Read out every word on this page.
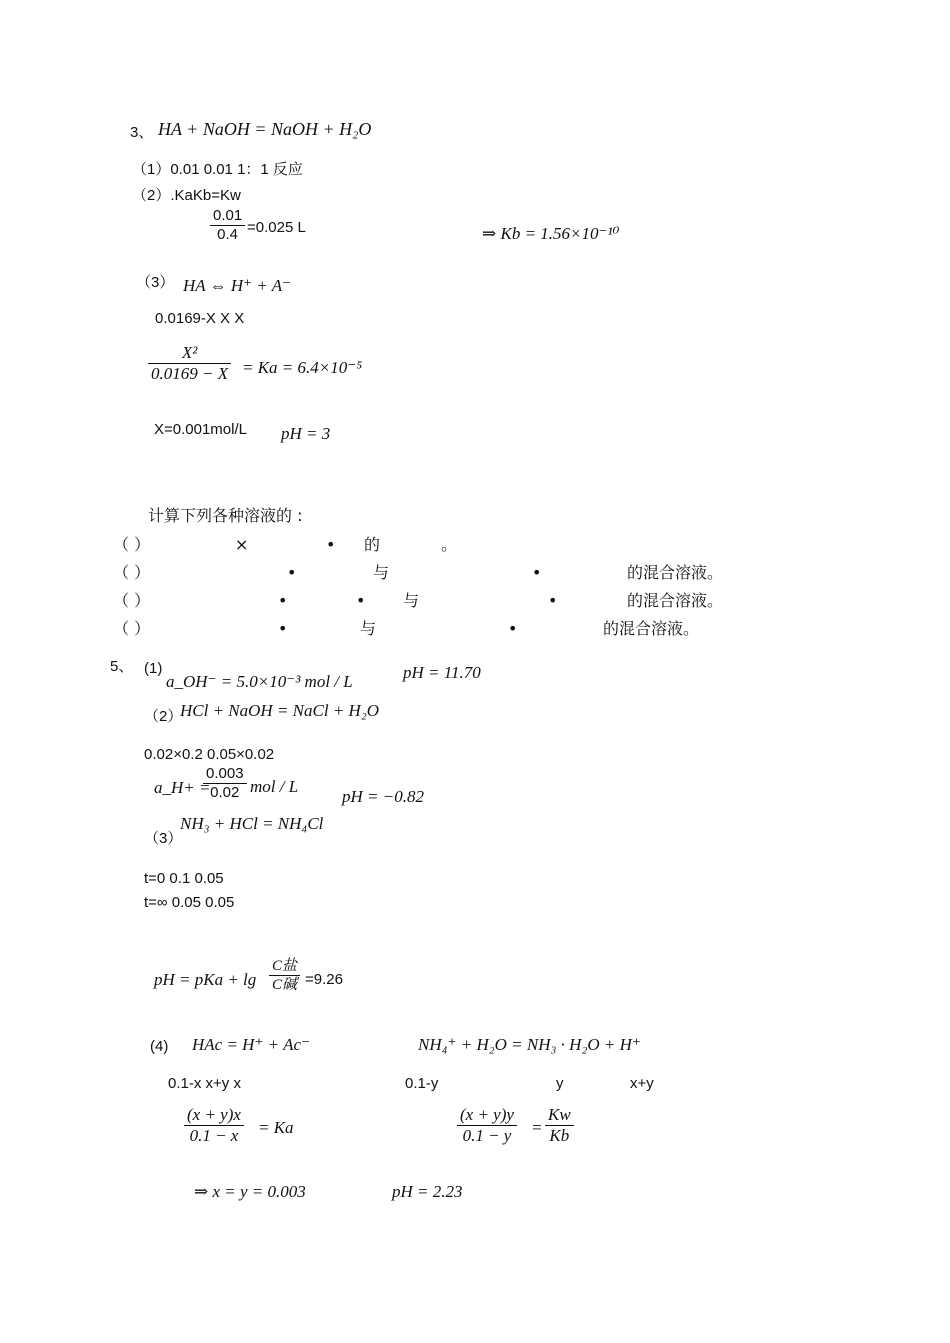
3、 HA + NaOH = NaOH + H₂O
（1）0.01 0.01 1：1 反应
（2）.KaKb=Kw
$\frac{0.01}{0.4} =0.025$ L	⇒ Kb = 1.56×10⁻¹⁰
（3） HA ⇔ H⁺ + A⁻
0.0169-X X X
$\frac{\text{X²}}{0.0169 - X} = Ka = 6.4\times 10^{-5}$
X=0.001mol/L pH = 3
计算下列各种溶液的 :
（ ）	×	• 的	。
（ ）	•	与	•	的混合溶液。
（ ）	•	• 与	•	的混合溶液。
（ ）	•	与	•	的混合溶液。
5、 (1)
a_OH⁻ = 5.0×10⁻³ mol / L	pH = 11.70
（2）
HCl + NaOH = NaCl + H₂O
0.02×0.2 0.05×0.02
a_H+ =
$\frac{0.003}{0.02}$ mol / L
pH = −0.82
NH₃ + HCl = NH₄Cl
（3）
t=0 0.1 0.05
t=∞ 0.05 0.05
pH = pKa + lg
C盐
C碱 =9.26
(4) HAc = H⁺ + Ac⁻	NH₄⁺ + H₂O = NH₃ · H₂O + H⁺
0.1-x x+y x	0.1-y	y	x+y
$\frac{(x + y)x}{0.1 - x} = Ka$	$\frac{(x + y)y}{0.1 - y} = \frac{Kw}{Kb}$
⇒ x = y = 0.003	pH = 2.23
